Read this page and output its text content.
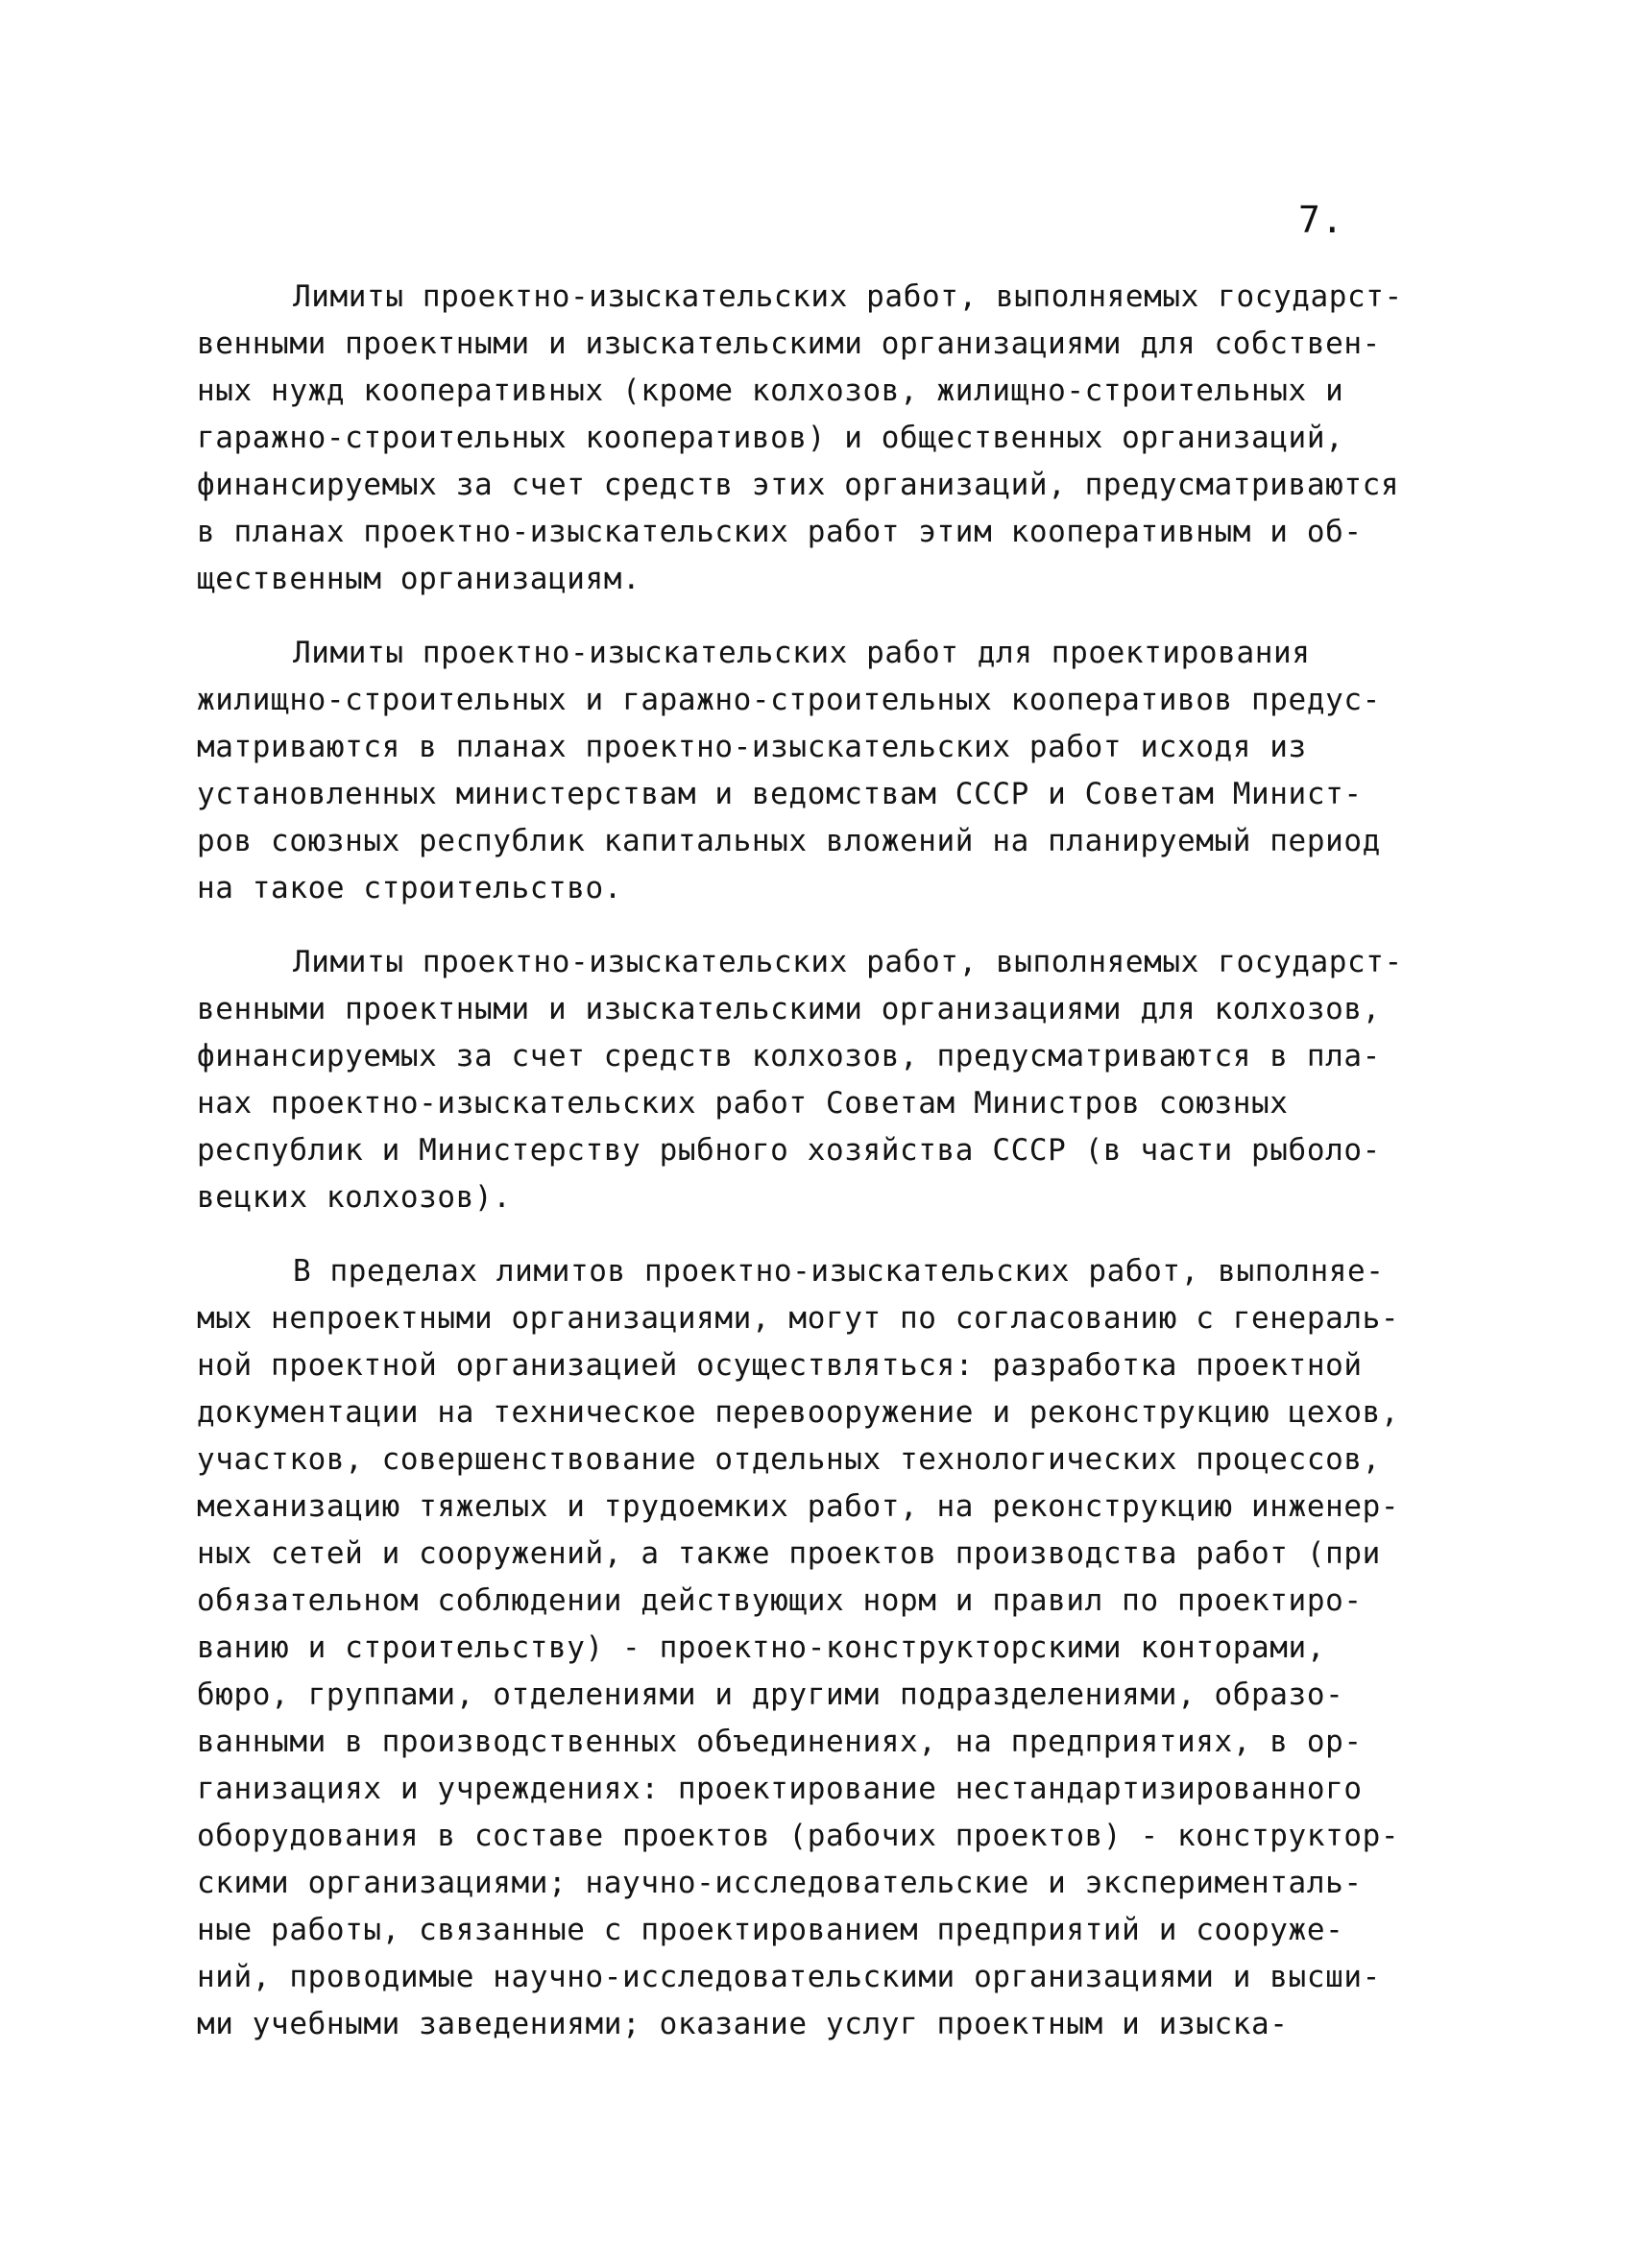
7.
Лимиты проектно-изыскательских работ, выполняемых государст-
венными проектными и изыскательскими организациями для собствен-
ных нужд кооперативных (кроме колхозов, жилищно-строительных и
гаражно-строительных кооперативов) и общественных организаций,
финансируемых за счет средств этих организаций, предусматриваются
в планах проектно-изыскательских работ этим кооперативным и об-
щественным организациям.
Лимиты проектно-изыскательских работ для проектирования
жилищно-строительных и гаражно-строительных кооперативов предус-
матриваются в планах проектно-изыскательских работ исходя из
установленных министерствам и ведомствам СССР и Советам Минист-
ров союзных республик капитальных вложений на планируемый период
на такое строительство.
Лимиты проектно-изыскательских работ, выполняемых государст-
венными проектными и изыскательскими организациями для колхозов,
финансируемых за счет средств колхозов, предусматриваются в пла-
нах проектно-изыскательских работ Советам Министров союзных
республик и Министерству рыбного хозяйства СССР (в части рыболо-
вецких колхозов).
В пределах лимитов проектно-изыскательских работ, выполняе-
мых непроектными организациями, могут по согласованию с генераль-
ной проектной организацией осуществляться: разработка проектной
документации на техническое перевооружение и реконструкцию цехов,
участков, совершенствование отдельных технологических процессов,
механизацию тяжелых и трудоемких работ, на реконструкцию инженер-
ных сетей и сооружений, а также проектов производства работ (при
обязательном соблюдении действующих норм и правил по проектиро-
ванию и строительству) - проектно-конструкторскими конторами,
бюро, группами, отделениями и другими подразделениями, образо-
ванными в производственных объединениях, на предприятиях, в ор-
ганизациях и учреждениях: проектирование нестандартизированного
оборудования в составе проектов (рабочих проектов) - конструктор-
скими организациями; научно-исследовательские и эксперименталь-
ные работы, связанные с проектированием предприятий и сооруже-
ний, проводимые научно-исследовательскими организациями и высши-
ми учебными заведениями; оказание услуг проектным и изыска-
